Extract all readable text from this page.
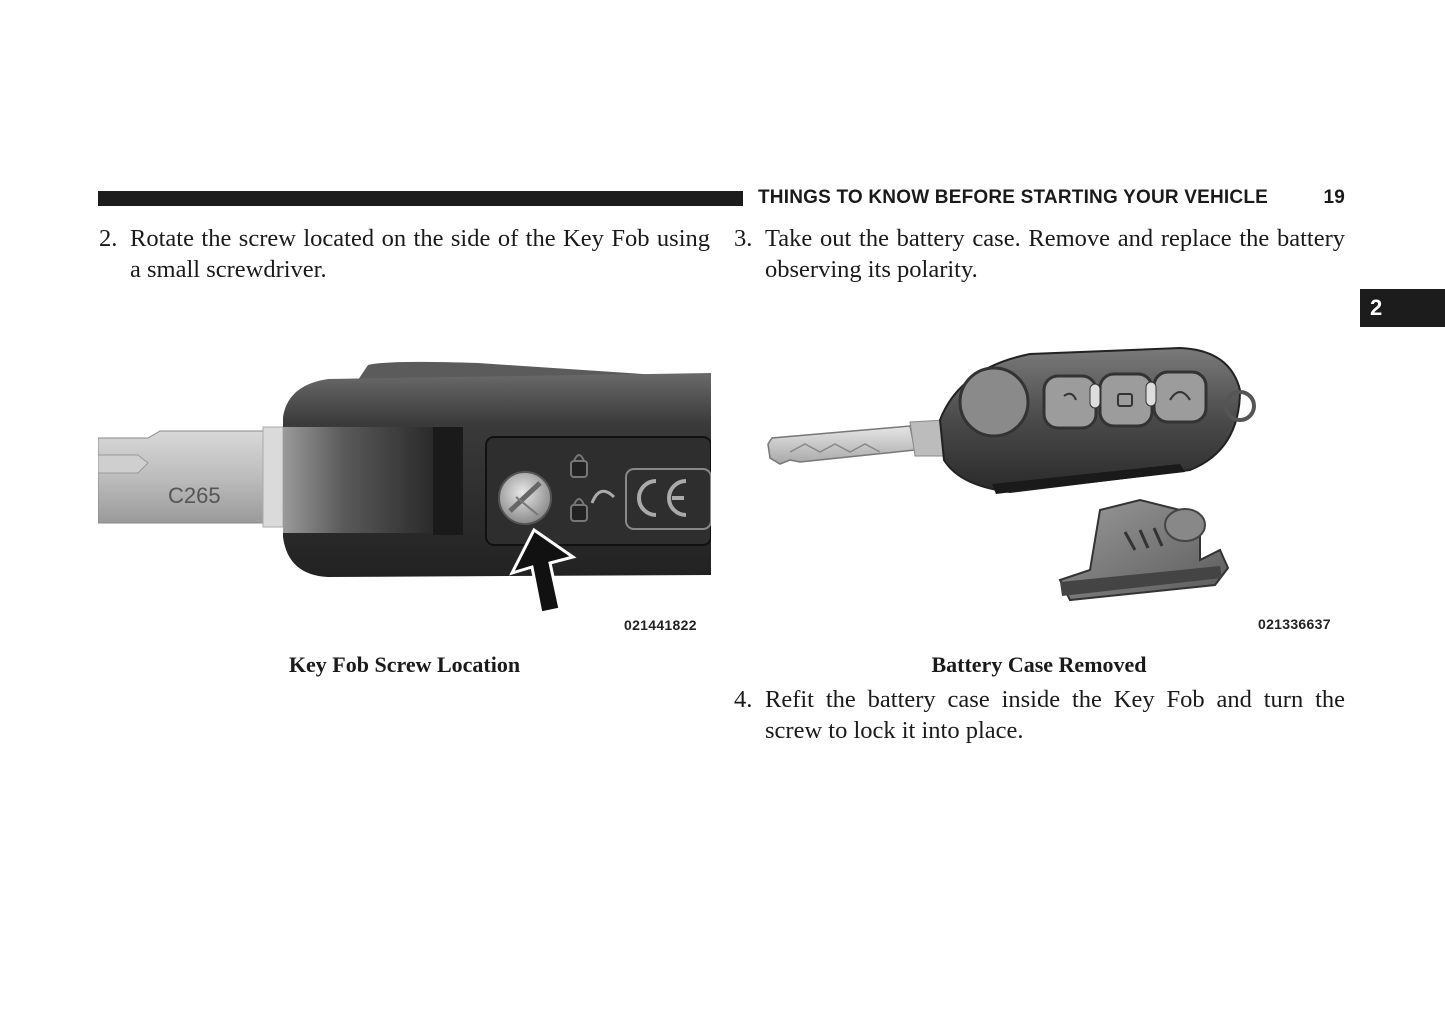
THINGS TO KNOW BEFORE STARTING YOUR VEHICLE	19
2
2. Rotate the screw located on the side of the Key Fob using a small screwdriver.
3. Take out the battery case. Remove and replace the battery observing its polarity.
C265
021441822
Key Fob Screw Location
021336637
Battery Case Removed
4. Refit the battery case inside the Key Fob and turn the screw to lock it into place.
